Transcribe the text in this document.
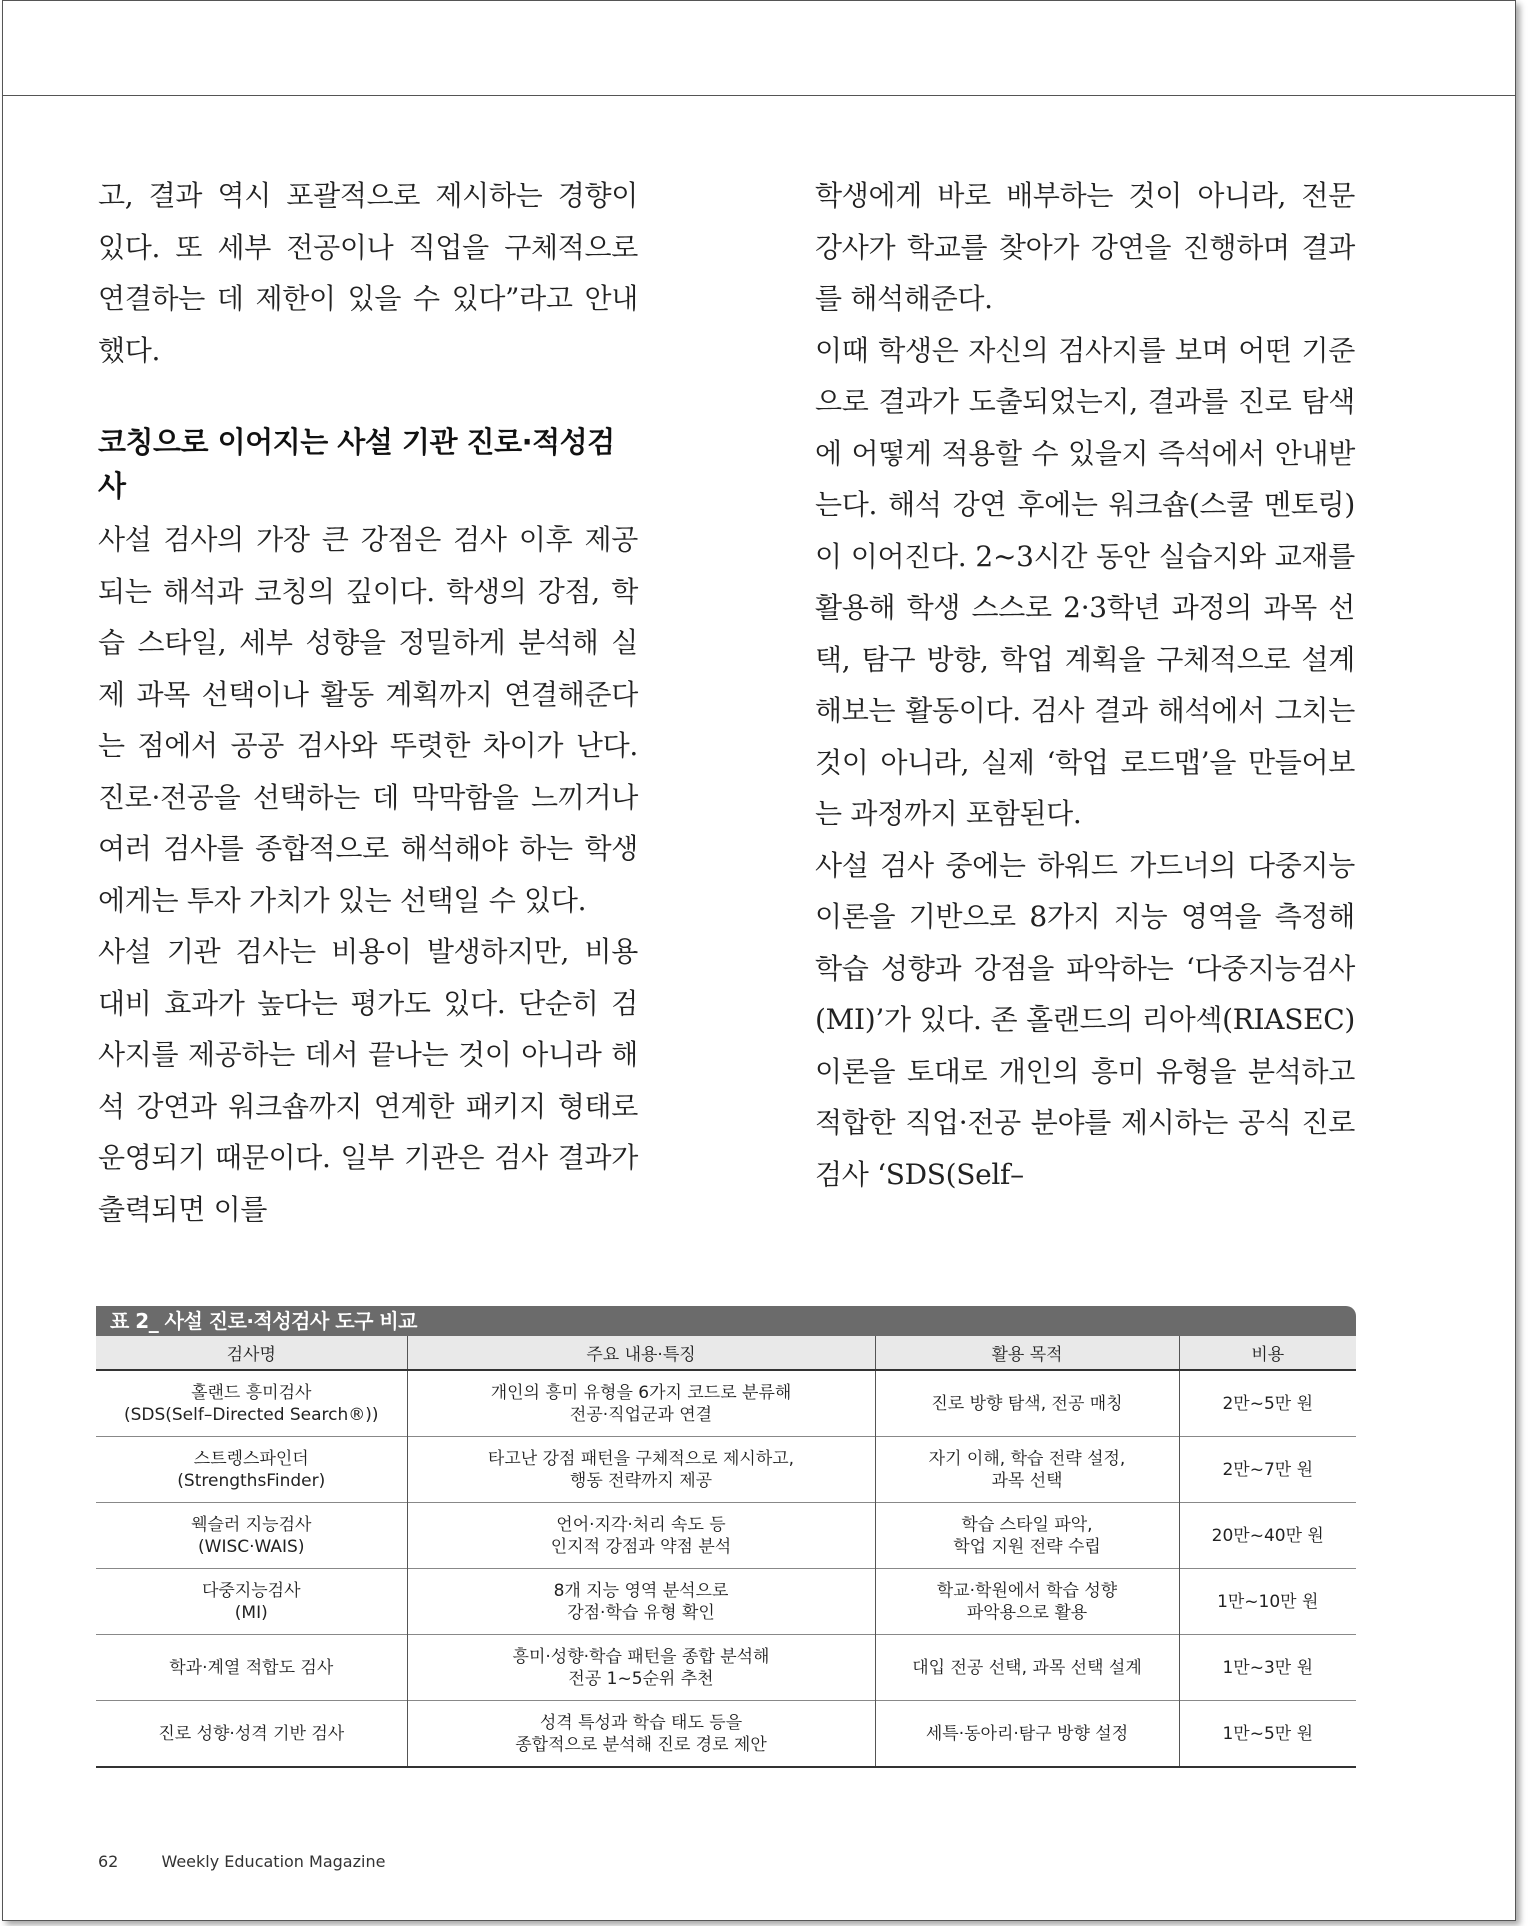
고, 결과 역시 포괄적으로 제시하는 경향이 있다. 또 세부 전공이나 직업을 구체적으로 연결하는 데 제한이 있을 수 있다”라고 안내했다.

코칭으로 이어지는 사설 기관 진로·적성검사

사설 검사의 가장 큰 강점은 검사 이후 제공되는 해석과 코칭의 깊이다. 학생의 강점, 학습 스타일, 세부 성향을 정밀하게 분석해 실제 과목 선택이나 활동 계획까지 연결해준다는 점에서 공공 검사와 뚜렷한 차이가 난다. 진로·전공을 선택하는 데 막막함을 느끼거나 여러 검사를 종합적으로 해석해야 하는 학생에게는 투자 가치가 있는 선택일 수 있다.

사설 기관 검사는 비용이 발생하지만, 비용 대비 효과가 높다는 평가도 있다. 단순히 검사지를 제공하는 데서 끝나는 것이 아니라 해석 강연과 워크숍까지 연계한 패키지 형태로 운영되기 때문이다. 일부 기관은 검사 결과가 출력되면 이를

학생에게 바로 배부하는 것이 아니라, 전문 강사가 학교를 찾아가 강연을 진행하며 결과를 해석해준다.

이때 학생은 자신의 검사지를 보며 어떤 기준으로 결과가 도출되었는지, 결과를 진로 탐색에 어떻게 적용할 수 있을지 즉석에서 안내받는다. 해석 강연 후에는 워크숍(스쿨 멘토링)이 이어진다. 2~3시간 동안 실습지와 교재를 활용해 학생 스스로 2·3학년 과정의 과목 선택, 탐구 방향, 학업 계획을 구체적으로 설계해보는 활동이다. 검사 결과 해석에서 그치는 것이 아니라, 실제 ‘학업 로드맵’을 만들어보는 과정까지 포함된다.

사설 검사 중에는 하워드 가드너의 다중지능 이론을 기반으로 8가지 지능 영역을 측정해 학습 성향과 강점을 파악하는 ‘다중지능검사(MI)’가 있다. 존 홀랜드의 리아섹(RIASEC) 이론을 토대로 개인의 흥미 유형을 분석하고 적합한 직업·전공 분야를 제시하는 공식 진로검사 ‘SDS(Self–

표 2_ 사설 진로·적성검사 도구 비교
검사명	주요 내용·특징	활용 목적	비용

홀랜드 흥미검사
(SDS(Self–Directed Search®))	개인의 흥미 유형을 6가지 코드로 분류해
전공·직업군과 연결	진로 방향 탐색, 전공 매칭	2만~5만 원

스트렝스파인더
(StrengthsFinder)	타고난 강점 패턴을 구체적으로 제시하고,
행동 전략까지 제공	자기 이해, 학습 전략 설정,
과목 선택	2만~7만 원

웩슬러 지능검사
(WISC·WAIS)	언어·지각·처리 속도 등
인지적 강점과 약점 분석	학습 스타일 파악,
학업 지원 전략 수립	20만~40만 원

다중지능검사
(MI)	8개 지능 영역 분석으로
강점·학습 유형 확인	학교·학원에서 학습 성향
파악용으로 활용	1만~10만 원

학과·계열 적합도 검사	흥미·성향·학습 패턴을 종합 분석해
전공 1~5순위 추천	대입 전공 선택, 과목 선택 설계	1만~3만 원

진로 성향·성격 기반 검사	성격 특성과 학습 태도 등을
종합적으로 분석해 진로 경로 제안	세특·동아리·탐구 방향 설정	1만~5만 원
62	Weekly Education Magazine
